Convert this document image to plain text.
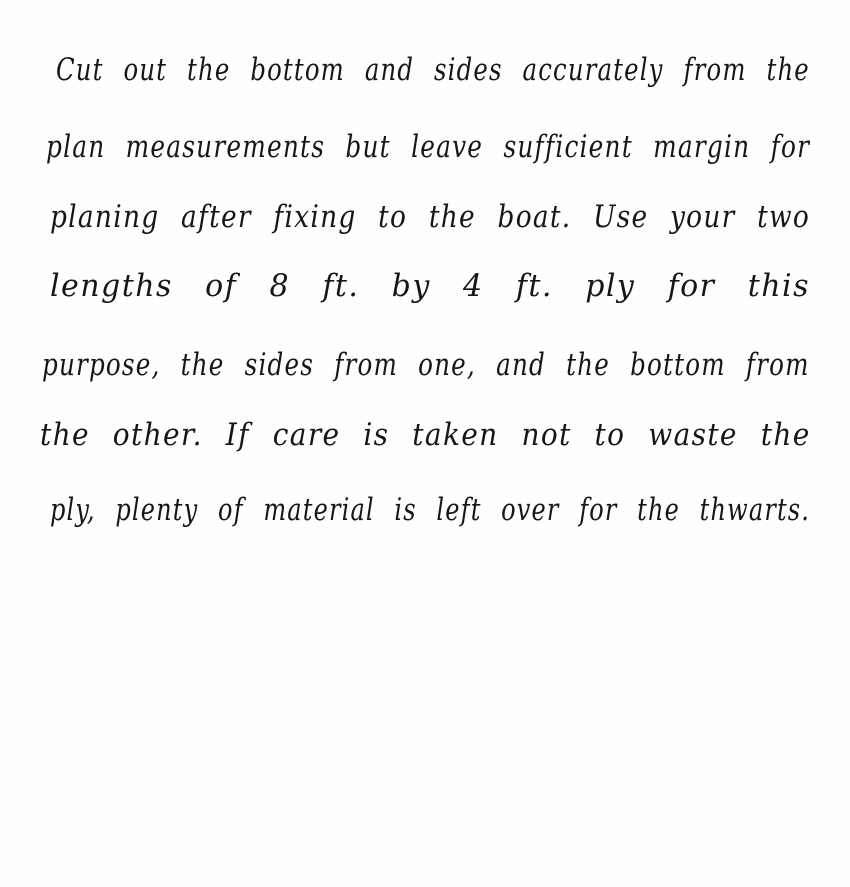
Cut out the bottom and sides accurately from the
plan measurements but leave sufficient margin for
planing after fixing to the boat. Use your two
lengths of 8 ft. by 4 ft. ply for this
purpose, the sides from one, and the bottom from
the other. If care is taken not to waste the
ply, plenty of material is left over for the thwarts.
